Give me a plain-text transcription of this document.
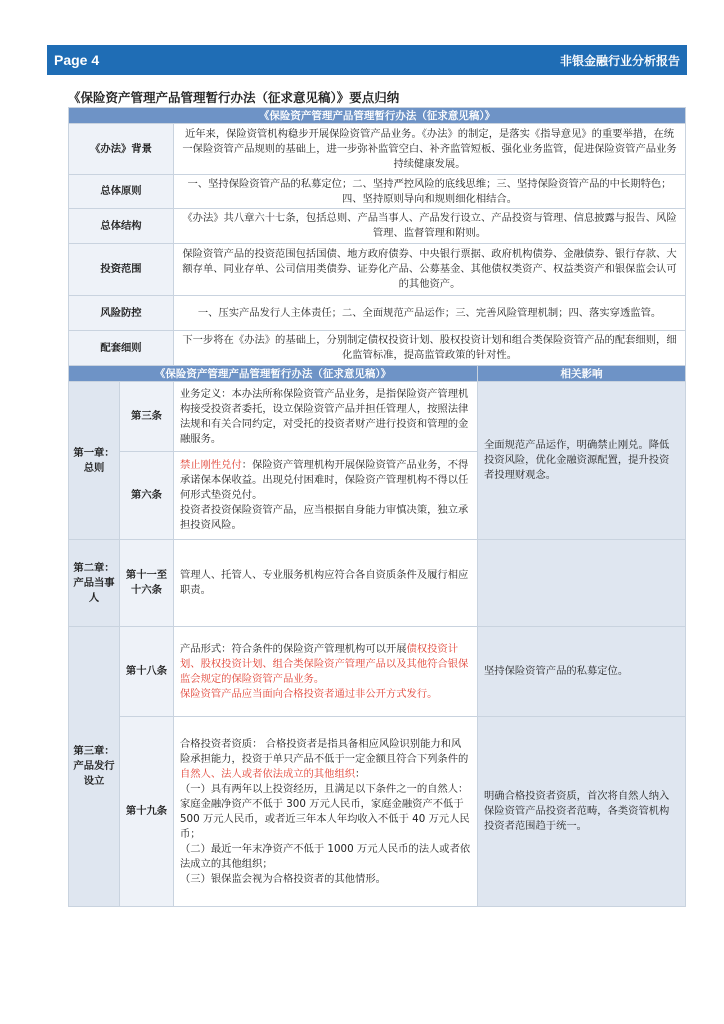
Page 4	非银金融行业分析报告
《保险资产管理产品管理暂行办法（征求意见稿）》要点归纳
《保险资产管理产品管理暂行办法（征求意见稿）》			
《办法》背景		近年来，保险资管机构稳步开展保险资管产品业务。《办法》的制定，是落实《指导意见》的重要举措，在统一保险资管产品规则的基础上，进一步弥补监管空白、补齐监管短板、强化业务监管，促进保险资管产品业务持续健康发展。	
总体原则		一、坚持保险资管产品的私募定位；二、坚持严控风险的底线思维；三、坚持保险资管产品的中长期特色；四、坚持原则导向和规则细化相结合。	
总体结构		《办法》共八章六十七条，包括总则、产品当事人、产品发行设立、产品投资与管理、信息披露与报告、风险管理、监督管理和附则。	
投资范围		保险资管产品的投资范围包括国债、地方政府债券、中央银行票据、政府机构债券、金融债券、银行存款、大额存单、同业存单、公司信用类债券、证券化产品、公募基金、其他债权类资产、权益类资产和银保监会认可的其他资产。	
风险防控		一、压实产品发行人主体责任；二、全面规范产品运作；三、完善风险管理机制；四、落实穿透监管。	
配套细则		下一步将在《办法》的基础上，分别制定债权投资计划、股权投资计划和组合类保险资管产品的配套细则，细化监管标准，提高监管政策的针对性。	
《保险资产管理产品管理暂行办法（征求意见稿）》			相关影响
第一章：总则	第三条	业务定义：本办法所称保险资管产品业务，是指保险资产管理机构接受投资者委托，设立保险资管产品并担任管理人，按照法律法规和有关合同约定，对受托的投资者财产进行投资和管理的金融服务。	全面规范产品运作，明确禁止刚兑。降低投资风险，优化金融资源配置，提升投资者投理财观念。
	第六条	禁止刚性兑付：保险资产管理机构开展保险资管产品业务，不得承诺保本保收益。出现兑付困难时，保险资产管理机构不得以任何形式垫资兑付。
投资者投资保险资管产品，应当根据自身能力审慎决策，独立承担投资风险。	

第二章：产品当事人	第十一至十六条	管理人、托管人、专业服务机构应符合各自资质条件及履行相应职责。	
第三章：产品发行设立	第十八条	产品形式：符合条件的保险资产管理机构可以开展债权投资计划、股权投资计划、组合类保险资产管理产品以及其他符合银保监会规定的保险资管产品业务。
保险资管产品应当面向合格投资者通过非公开方式发行。	坚持保险资管产品的私募定位。
	第十九条	合格投资者资质： 合格投资者是指具备相应风险识别能力和风险承担能力，投资于单只产品不低于一定金额且符合下列条件的自然人、法人或者依法成立的其他组织：
（一）具有两年以上投资经历，且满足以下条件之一的自然人：家庭金融净资产不低于 300 万元人民币，家庭金融资产不低于 500 万元人民币，或者近三年本人年均收入不低于 40 万元人民币；
（二）最近一年末净资产不低于 1000 万元人民币的法人或者依法成立的其他组织；
（三）银保监会视为合格投资者的其他情形。	明确合格投资者资质，首次将自然人纳入保险资管产品投资者范畴，各类资管机构投资者范围趋于统一。
